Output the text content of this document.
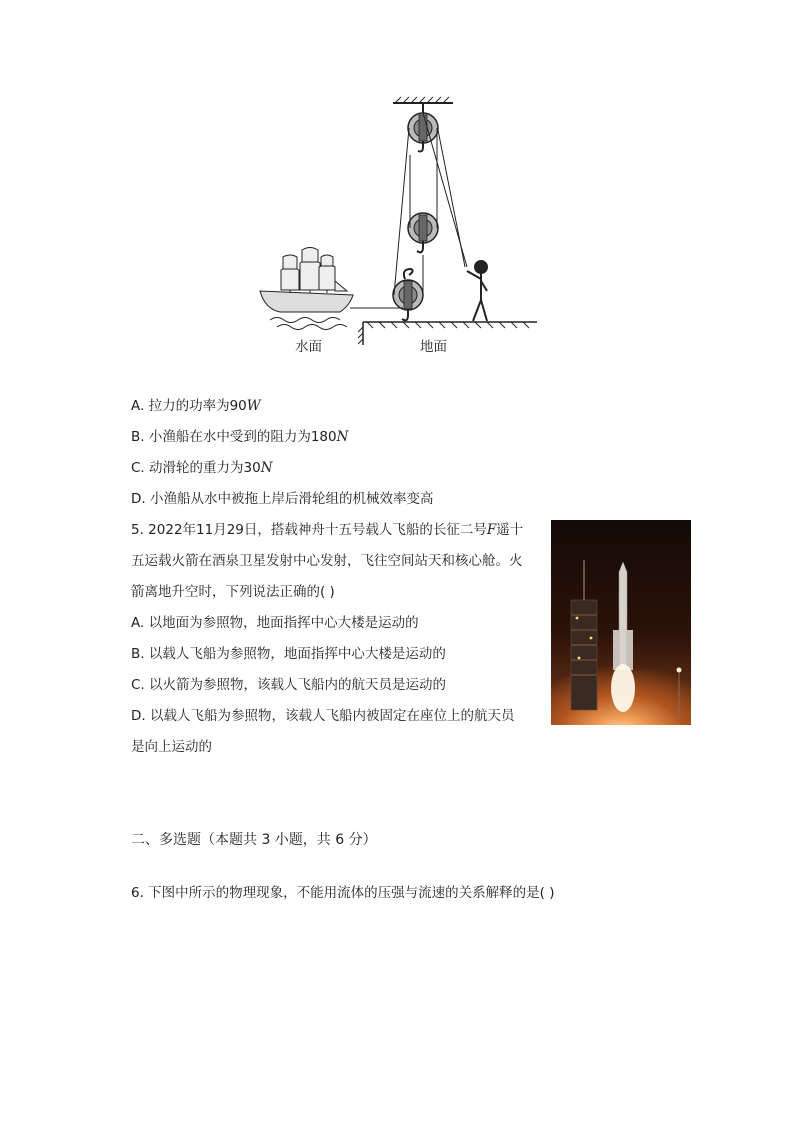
水面	地面
A. 拉力的功率为90W
B. 小渔船在水中受到的阻力为180N
C. 动滑轮的重力为30N
D. 小渔船从水中被拖上岸后滑轮组的机械效率变高
5. 2022年11月29日，搭载神舟十五号载人飞船的长征二号F遥十
五运载火箭在酒泉卫星发射中心发射，飞往空间站天和核心舱。火
箭离地升空时，下列说法正确的( )
A. 以地面为参照物，地面指挥中心大楼是运动的
B. 以载人飞船为参照物，地面指挥中心大楼是运动的
C. 以火箭为参照物，该载人飞船内的航天员是运动的
D. 以载人飞船为参照物，该载人飞船内被固定在座位上的航天员
是向上运动的
二、多选题（本题共 3 小题，共 6 分）
6. 下图中所示的物理现象，不能用流体的压强与流速的关系解释的是( )
